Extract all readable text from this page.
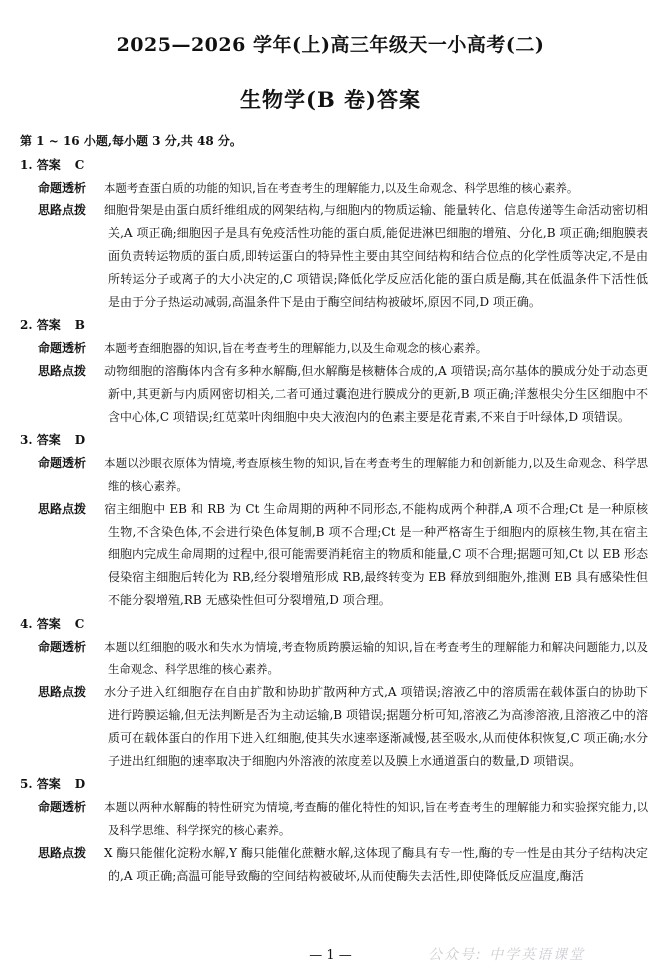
2025—2026 学年(上)高三年级天一小高考(二)
生物学(B 卷)答案
第 1 ~ 16 小题,每小题 3 分,共 48 分。
1. 答案 C
命题透析 本题考查蛋白质的功能的知识,旨在考查考生的理解能力,以及生命观念、科学思维的核心素养。
思路点拨 细胞骨架是由蛋白质纤维组成的网架结构,与细胞内的物质运输、能量转化、信息传递等生命活动密切相关,A 项正确;细胞因子是具有免疫活性功能的蛋白质,能促进淋巴细胞的增殖、分化,B 项正确;细胞膜表面负责转运物质的蛋白质,即转运蛋白的特异性主要由其空间结构和结合位点的化学性质等决定,不是由所转运分子或离子的大小决定的,C 项错误;降低化学反应活化能的蛋白质是酶,其在低温条件下活性低是由于分子热运动减弱,高温条件下是由于酶空间结构被破坏,原因不同,D 项正确。
2. 答案 B
命题透析 本题考查细胞器的知识,旨在考查考生的理解能力,以及生命观念的核心素养。
思路点拨 动物细胞的溶酶体内含有多种水解酶,但水解酶是核糖体合成的,A 项错误;高尔基体的膜成分处于动态更新中,其更新与内质网密切相关,二者可通过囊泡进行膜成分的更新,B 项正确;洋葱根尖分生区细胞中不含中心体,C 项错误;红苋菜叶肉细胞中央大液泡内的色素主要是花青素,不来自于叶绿体,D 项错误。
3. 答案 D
命题透析 本题以沙眼衣原体为情境,考查原核生物的知识,旨在考查考生的理解能力和创新能力,以及生命观念、科学思维的核心素养。
思路点拨 宿主细胞中 EB 和 RB 为 Ct 生命周期的两种不同形态,不能构成两个种群,A 项不合理;Ct 是一种原核生物,不含染色体,不会进行染色体复制,B 项不合理;Ct 是一种严格寄生于细胞内的原核生物,其在宿主细胞内完成生命周期的过程中,很可能需要消耗宿主的物质和能量,C 项不合理;据题可知,Ct 以 EB 形态侵染宿主细胞后转化为 RB,经分裂增殖形成 RB,最终转变为 EB 释放到细胞外,推测 EB 具有感染性但不能分裂增殖,RB 无感染性但可分裂增殖,D 项合理。
4. 答案 C
命题透析 本题以红细胞的吸水和失水为情境,考查物质跨膜运输的知识,旨在考查考生的理解能力和解决问题能力,以及生命观念、科学思维的核心素养。
思路点拨 水分子进入红细胞存在自由扩散和协助扩散两种方式,A 项错误;溶液乙中的溶质需在载体蛋白的协助下进行跨膜运输,但无法判断是否为主动运输,B 项错误;据题分析可知,溶液乙为高渗溶液,且溶液乙中的溶质可在载体蛋白的作用下进入红细胞,使其失水速率逐渐减慢,甚至吸水,从而使体积恢复,C 项正确;水分子进出红细胞的速率取决于细胞内外溶液的浓度差以及膜上水通道蛋白的数量,D 项错误。
5. 答案 D
命题透析 本题以两种水解酶的特性研究为情境,考查酶的催化特性的知识,旨在考查考生的理解能力和实验探究能力,以及科学思维、科学探究的核心素养。
思路点拨 X 酶只能催化淀粉水解,Y 酶只能催化蔗糖水解,这体现了酶具有专一性,酶的专一性是由其分子结构决定的,A 项正确;高温可能导致酶的空间结构被破坏,从而使酶失去活性,即使降低反应温度,酶活
— 1 —	公众号: 中学英语课堂
